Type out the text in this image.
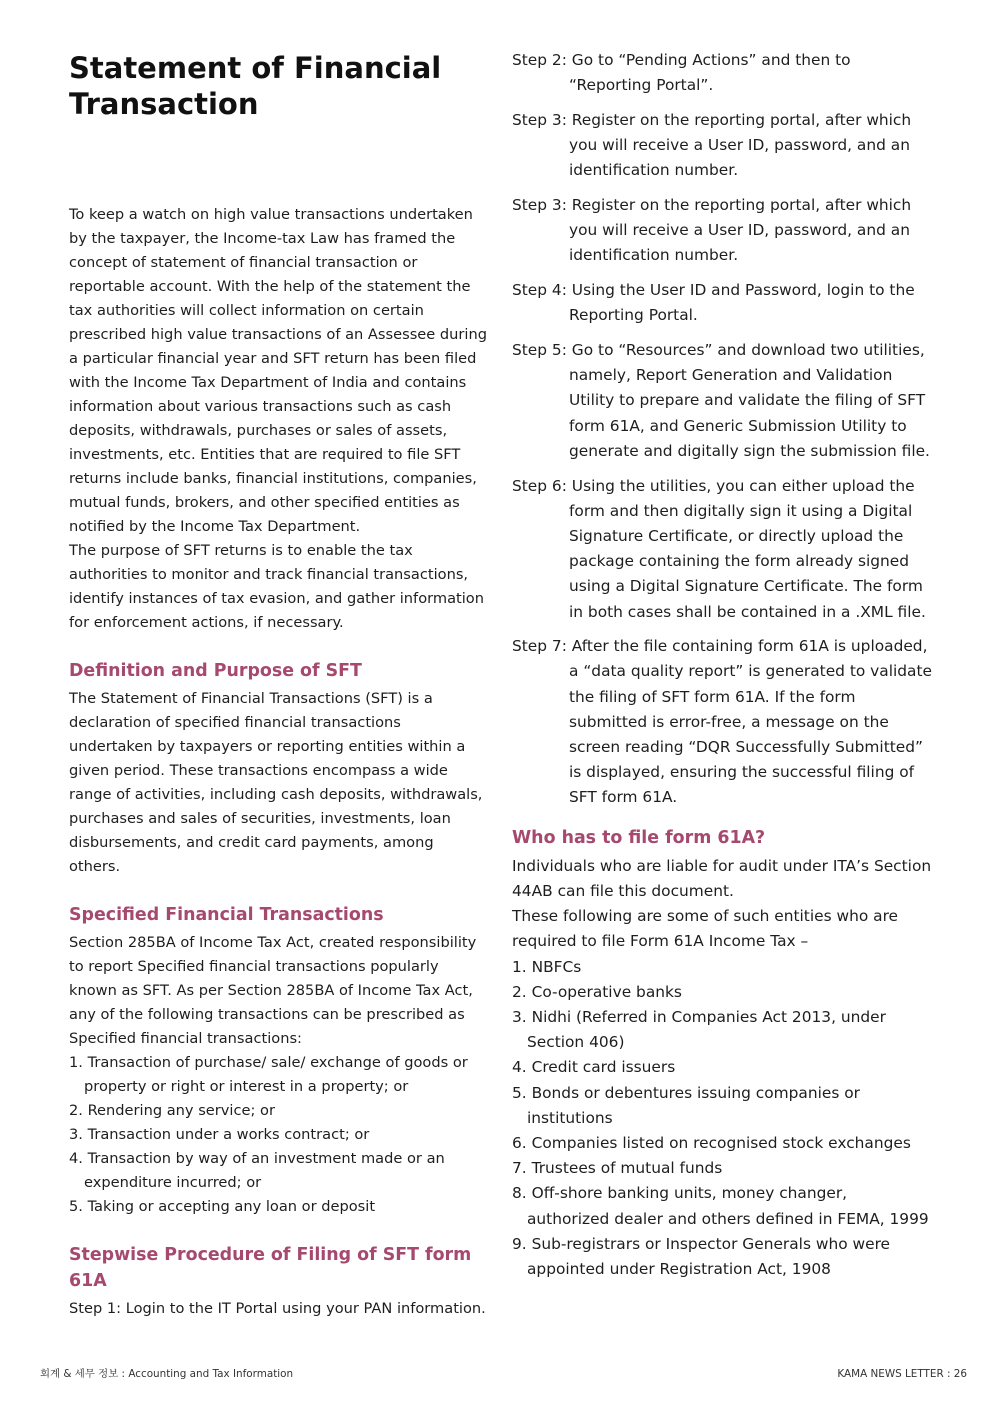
Statement of Financial Transaction

To keep a watch on high value transactions undertaken by the taxpayer, the Income-tax Law has framed the concept of statement of financial transaction or reportable account. With the help of the statement the tax authorities will collect information on certain prescribed high value transactions of an Assessee during a particular financial year and SFT return has been filed with the Income Tax Department of India and contains information about various transactions such as cash deposits, withdrawals, purchases or sales of assets, investments, etc. Entities that are required to file SFT returns include banks, financial institutions, companies, mutual funds, brokers, and other specified entities as notified by the Income Tax Department.

The purpose of SFT returns is to enable the tax authorities to monitor and track financial transactions, identify instances of tax evasion, and gather information for enforcement actions, if necessary.

Definition and Purpose of SFT

The Statement of Financial Transactions (SFT) is a declaration of specified financial transactions undertaken by taxpayers or reporting entities within a given period. These transactions encompass a wide range of activities, including cash deposits, withdrawals, purchases and sales of securities, investments, loan disbursements, and credit card payments, among others.

Specified Financial Transactions

Section 285BA of Income Tax Act, created responsibility to report Specified financial transactions popularly known as SFT. As per Section 285BA of Income Tax Act, any of the following transactions can be prescribed as Specified financial transactions:

1. Transaction of purchase/ sale/ exchange of goods or property or right or interest in a property; or
2. Rendering any service; or
3. Transaction under a works contract; or
4. Transaction by way of an investment made or an expenditure incurred; or
5. Taking or accepting any loan or deposit
Stepwise Procedure of Filing of SFT form 61A

Step 1: Login to the IT Portal using your PAN information.

Step 2: Go to “Pending Actions” and then to “Reporting Portal”.

Step 3: Register on the reporting portal, after which you will receive a User ID, password, and an identification number.

Step 3: Register on the reporting portal, after which you will receive a User ID, password, and an identification number.

Step 4: Using the User ID and Password, login to the Reporting Portal.

Step 5: Go to “Resources” and download two utilities, namely, Report Generation and Validation Utility to prepare and validate the filing of SFT form 61A, and Generic Submission Utility to generate and digitally sign the submission file.

Step 6: Using the utilities, you can either upload the form and then digitally sign it using a Digital Signature Certificate, or directly upload the package containing the form already signed using a Digital Signature Certificate. The form in both cases shall be contained in a .XML file.

Step 7: After the file containing form 61A is uploaded, a “data quality report” is generated to validate the filing of SFT form 61A. If the form submitted is error-free, a message on the screen reading “DQR Successfully Submitted” is displayed, ensuring the successful filing of SFT form 61A.

Who has to file form 61A?

Individuals who are liable for audit under ITA’s Section 44AB can file this document.

These following are some of such entities who are required to file Form 61A Income Tax –

1. NBFCs
2. Co-operative banks
3. Nidhi (Referred in Companies Act 2013, under Section 406)
4. Credit card issuers
5. Bonds or debentures issuing companies or institutions
6. Companies listed on recognised stock exchanges
7. Trustees of mutual funds
8. Off-shore banking units, money changer, authorized dealer and others defined in FEMA, 1999
9. Sub-registrars or Inspector Generals who were appointed under Registration Act, 1908
회계 & 세무 정보 : Accounting and Tax Information	KAMA NEWS LETTER : 26
